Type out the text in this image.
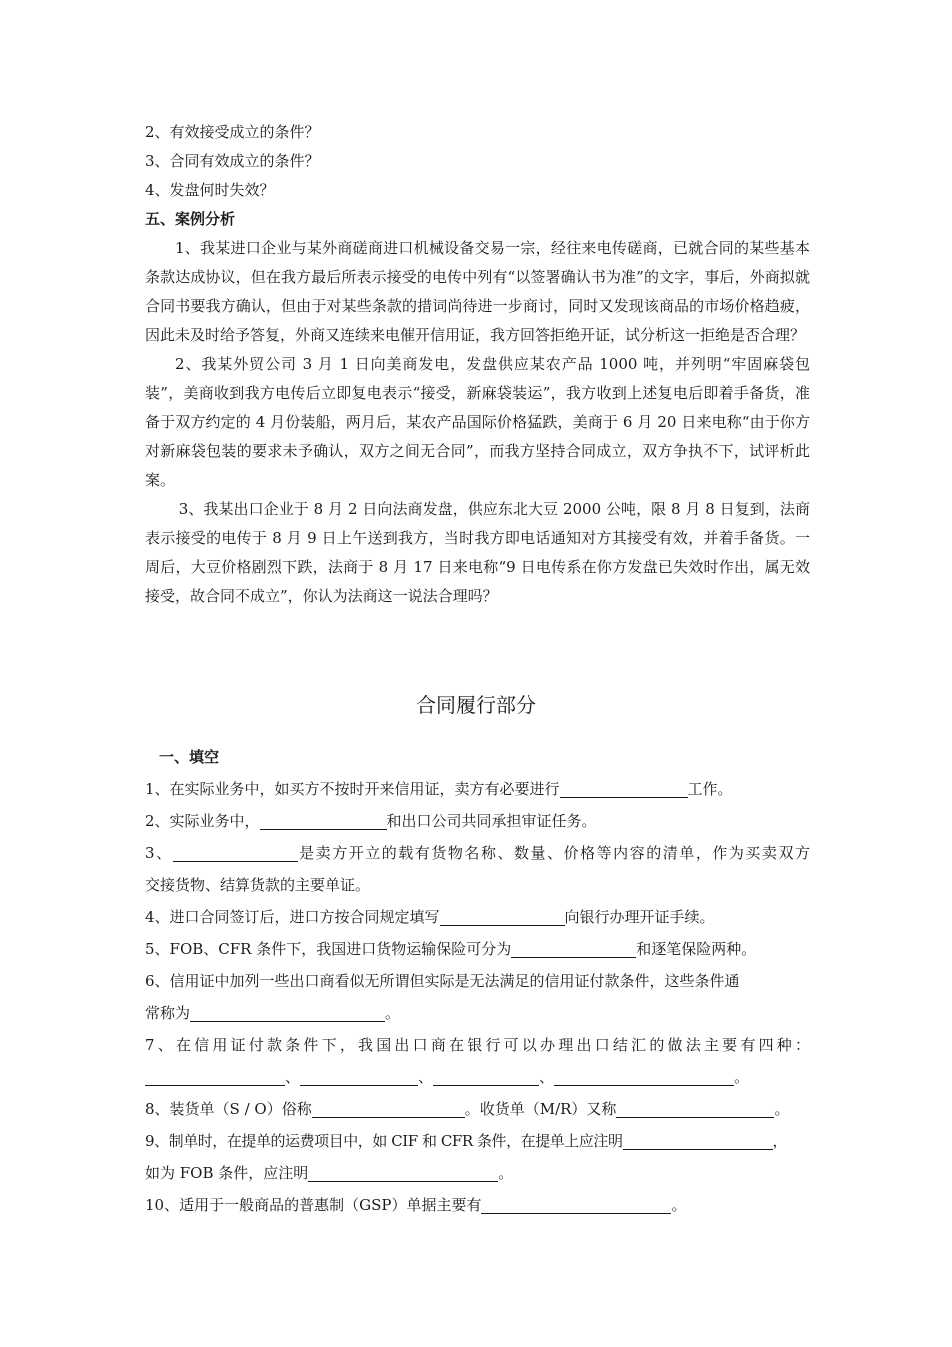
2、有效接受成立的条件？
3、合同有效成立的条件？
4、发盘何时失效？
五、案例分析
1、我某进口企业与某外商磋商进口机械设备交易一宗，经往来电传磋商，已就合同的某些基本条款达成协议，但在我方最后所表示接受的电传中列有“以签署确认书为准”的文字，事后，外商拟就合同书要我方确认，但由于对某些条款的措词尚待进一步商讨，同时又发现该商品的市场价格趋疲，因此未及时给予答复，外商又连续来电催开信用证，我方回答拒绝开证，试分析这一拒绝是否合理？
2、我某外贸公司 3 月 1 日向美商发电，发盘供应某农产品 1000 吨，并列明“牢固麻袋包装”，美商收到我方电传后立即复电表示“接受，新麻袋装运”，我方收到上述复电后即着手备货，准备于双方约定的 4 月份装船，两月后，某农产品国际价格猛跌，美商于 6 月 20 日来电称“由于你方对新麻袋包装的要求未予确认，双方之间无合同”，而我方坚持合同成立，双方争执不下，试评析此案。
3、我某出口企业于 8 月 2 日向法商发盘，供应东北大豆 2000 公吨，限 8 月 8 日复到，法商表示接受的电传于 8 月 9 日上午送到我方，当时我方即电话通知对方其接受有效，并着手备货。一周后，大豆价格剧烈下跌，法商于 8 月 17 日来电称“9 日电传系在你方发盘已失效时作出，属无效接受，故合同不成立”，你认为法商这一说法合理吗？
合同履行部分
一、填空
1、在实际业务中，如买方不按时开来信用证，卖方有必要进行	工作。
2、实际业务中，	和出口公司共同承担审证任务。
3、	是卖方开立的载有货物名称、数量、价格等内容的清单，作为买卖双方
交接货物、结算货款的主要单证。
4、进口合同签订后，进口方按合同规定填写	向银行办理开证手续。
5、FOB、CFR 条件下，我国进口货物运输保险可分为	和逐笔保险两种。
6、信用证中加列一些出口商看似无所谓但实际是无法满足的信用证付款条件，这些条件通
常称为	。
7、在信用证付款条件下，我国出口商在银行可以办理出口结汇的做法主要有四种：
、	、	、	。
8、装货单（S / O）俗称	。收货单（M/R）又称	。
9、制单时，在提单的运费项目中，如 CIF 和 CFR 条件，在提单上应注明	，
如为 FOB 条件，应注明	。
10、适用于一般商品的普惠制（GSP）单据主要有	。
